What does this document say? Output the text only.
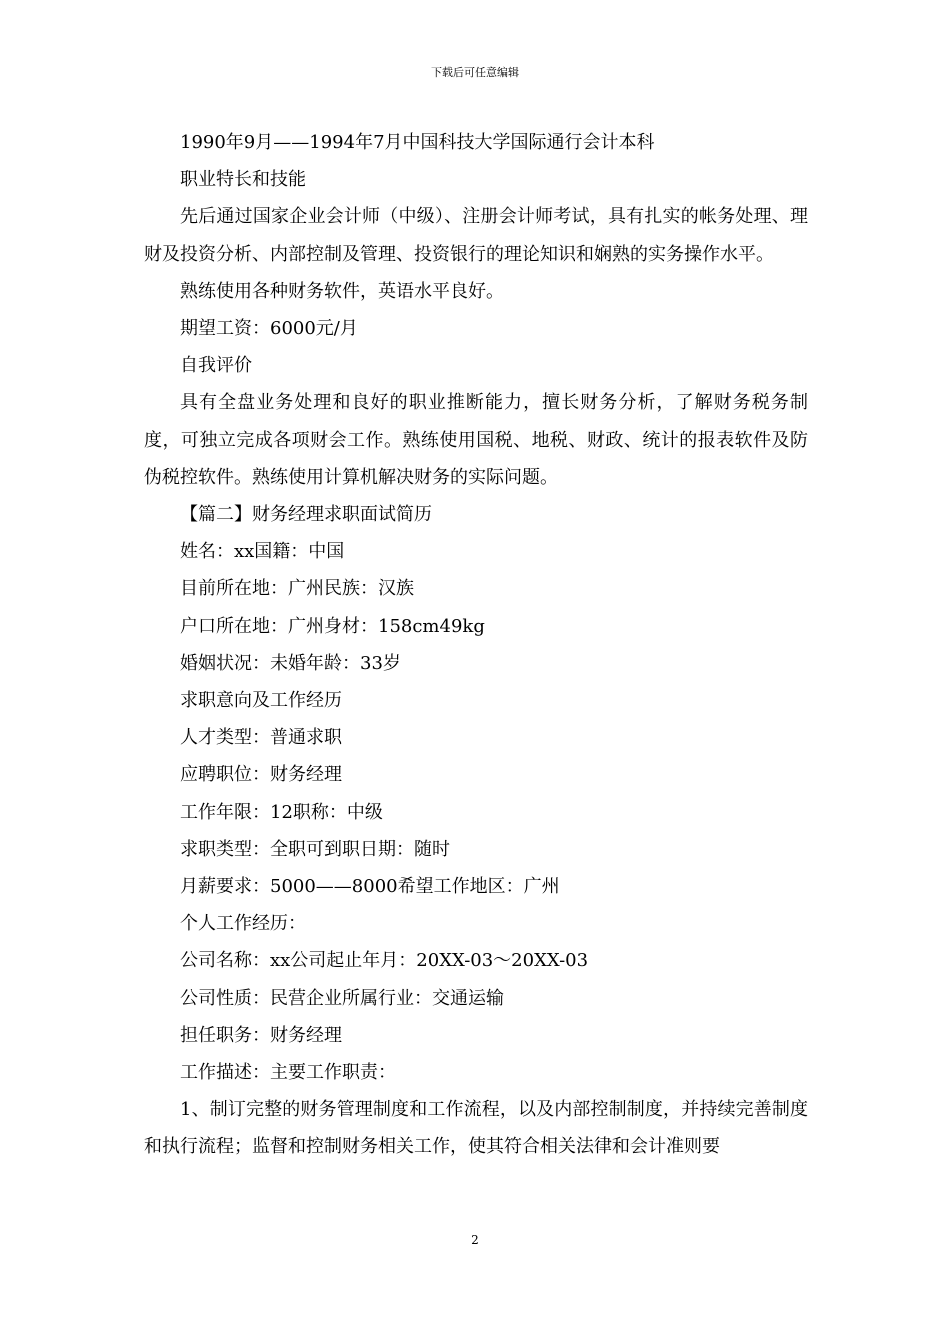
下载后可任意编辑

1990年9月——1994年7月中国科技大学国际通行会计本科

职业特长和技能

先后通过国家企业会计师（中级）、注册会计师考试，具有扎实的帐务处理、理财及投资分析、内部控制及管理、投资银行的理论知识和娴熟的实务操作水平。

熟练使用各种财务软件，英语水平良好。

期望工资：6000元/月

自我评价

具有全盘业务处理和良好的职业推断能力，擅长财务分析，了解财务税务制度，可独立完成各项财会工作。熟练使用国税、地税、财政、统计的报表软件及防伪税控软件。熟练使用计算机解决财务的实际问题。

【篇二】财务经理求职面试简历

姓名：xx国籍：中国

目前所在地：广州民族：汉族

户口所在地：广州身材：158cm49kg

婚姻状况：未婚年龄：33岁

求职意向及工作经历

人才类型：普通求职

应聘职位：财务经理

工作年限：12职称：中级

求职类型：全职可到职日期：随时

月薪要求：5000——8000希望工作地区：广州

个人工作经历：

公司名称：xx公司起止年月：20XX-03～20XX-03

公司性质：民营企业所属行业：交通运输

担任职务：财务经理

工作描述：主要工作职责：

1、制订完整的财务管理制度和工作流程，以及内部控制制度，并持续完善制度和执行流程；监督和控制财务相关工作，使其符合相关法律和会计准则要

2
